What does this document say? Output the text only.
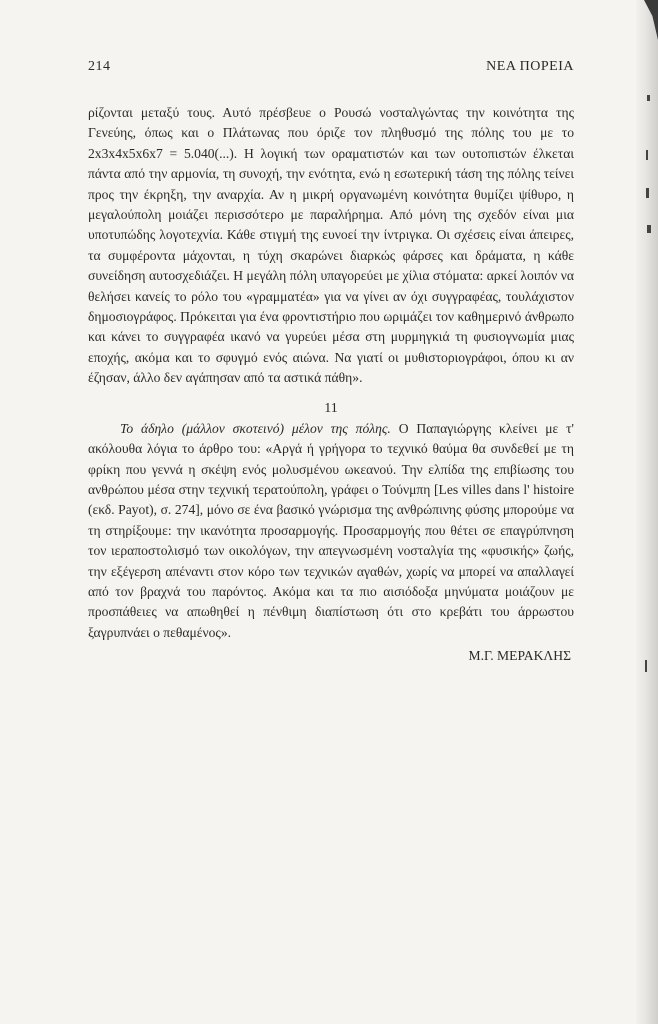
214	ΝΕΑ ΠΟΡΕΙΑ

ρίζονται μεταξύ τους. Αυτό πρέσβευε ο Ρουσώ νοσταλγώντας την κοινότητα της Γενεύης, όπως και ο Πλάτωνας που όριζε τον πληθυσμό της πόλης του με το 2x3x4x5x6x7 = 5.040(...). Η λογική των οραματιστών και των ουτοπιστών έλκεται πάντα από την αρμονία, τη συνοχή, την ενότητα, ενώ η εσωτερική τάση της πόλης τείνει προς την έκρηξη, την αναρχία. Αν η μικρή οργανωμένη κοινότητα θυμίζει ψίθυρο, η μεγαλούπολη μοιάζει περισσότερο με παραλήρημα. Από μόνη της σχεδόν είναι μια υποτυπώδης λογοτεχνία. Κάθε στιγμή της ευνοεί την ίντριγκα. Οι σχέσεις είναι άπειρες, τα συμφέροντα μάχονται, η τύχη σκαρώνει διαρκώς φάρσες και δράματα, η κάθε συνείδηση αυτοσχεδιάζει. Η μεγάλη πόλη υπαγορεύει με χίλια στόματα: αρκεί λοιπόν να θελήσει κανείς το ρόλο του «γραμματέα» για να γίνει αν όχι συγγραφέας, τουλάχιστον δημοσιογράφος. Πρόκειται για ένα φροντιστήριο που ωριμάζει τον καθημερινό άνθρωπο και κάνει το συγγραφέα ικανό να γυρεύει μέσα στη μυρμηγκιά τη φυσιογνωμία μιας εποχής, ακόμα και το σφυγμό ενός αιώνα. Να γιατί οι μυθιστοριογράφοι, όπου κι αν έζησαν, άλλο δεν αγάπησαν από τα αστικά πάθη».

11

Το άδηλο (μάλλον σκοτεινό) μέλον της πόλης. Ο Παπαγιώργης κλείνει με τ' ακόλουθα λόγια το άρθρο του: «Αργά ή γρήγορα το τεχνικό θαύμα θα συνδεθεί με τη φρίκη που γεννά η σκέψη ενός μολυσμένου ωκεανού. Την ελπίδα της επιβίωσης του ανθρώπου μέσα στην τεχνική τερατούπολη, γράφει ο Τούνμπη [Les villes dans l' histoire (εκδ. Payot), σ. 274], μόνο σε ένα βασικό γνώρισμα της ανθρώπινης φύσης μπορούμε να τη στηρίξουμε: την ικανότητα προσαρμογής. Προσαρμογής που θέτει σε επαγρύπνηση τον ιεραποστολισμό των οικολόγων, την απεγνωσμένη νοσταλγία της «φυσικής» ζωής, την εξέγερση απέναντι στον κόρο των τεχνικών αγαθών, χωρίς να μπορεί να απαλλαγεί από τον βραχνά του παρόντος. Ακόμα και τα πιο αισιόδοξα μηνύματα μοιάζουν με προσπάθειες να απωθηθεί η πένθιμη διαπίστωση ότι στο κρεβάτι του άρρωστου ξαγρυπνάει ο πεθαμένος».

Μ.Γ. ΜΕΡΑΚΛΗΣ
